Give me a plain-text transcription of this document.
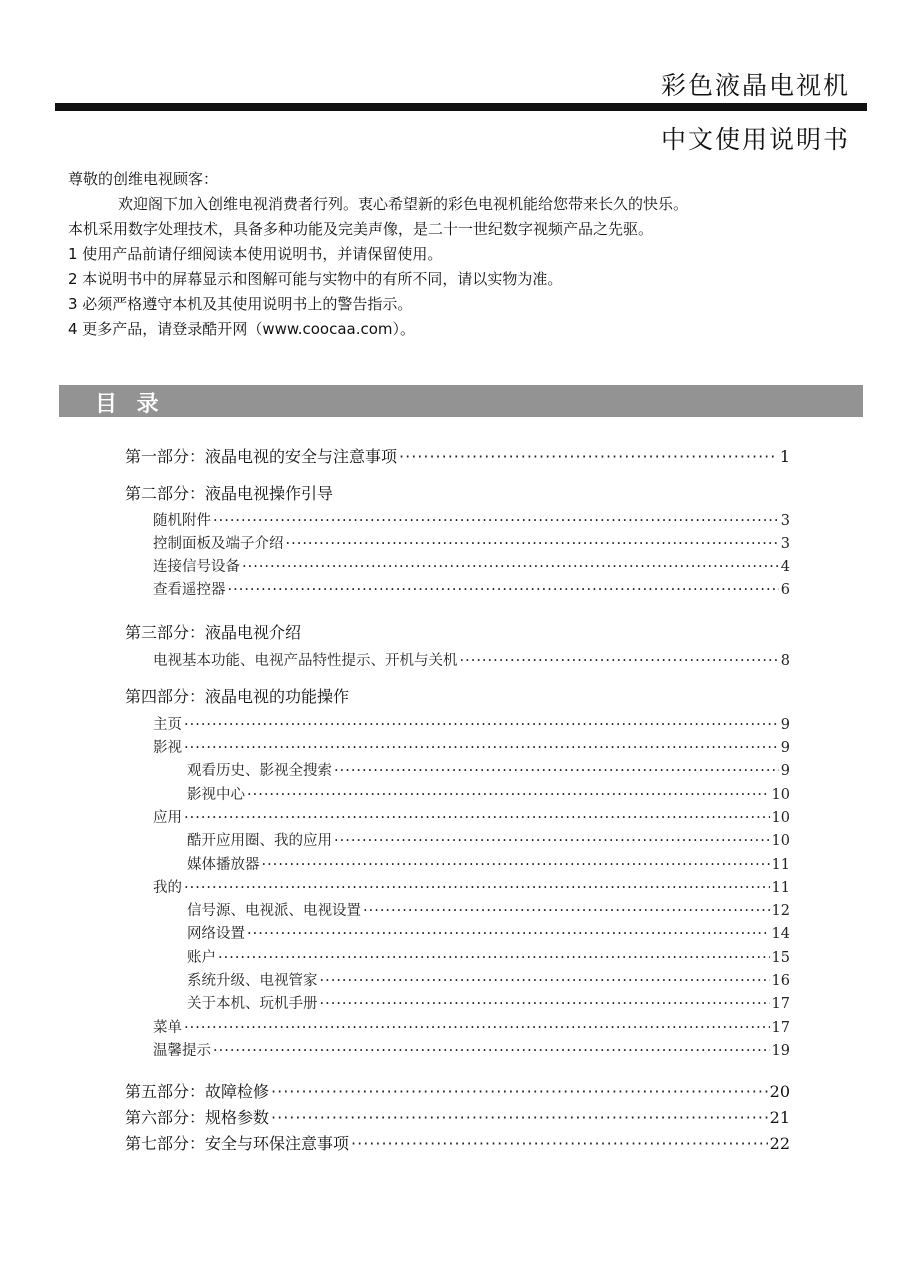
彩色液晶电视机
中文使用说明书
尊敬的创维电视顾客：
欢迎阁下加入创维电视消费者行列。衷心希望新的彩色电视机能给您带来长久的快乐。
本机采用数字处理技术，具备多种功能及完美声像，是二十一世纪数字视频产品之先驱。
1 使用产品前请仔细阅读本使用说明书，并请保留使用。
2 本说明书中的屏幕显示和图解可能与实物中的有所不同，请以实物为准。
3 必须严格遵守本机及其使用说明书上的警告指示。
4 更多产品，请登录酷开网（www.coocaa.com）。
目 录
第一部分：液晶电视的安全与注意事项 ·····	1
第二部分：液晶电视操作引导
随机附件 ·····	3
控制面板及端子介绍 ·····	3
连接信号设备 ·····	4
查看遥控器 ·····	6
第三部分：液晶电视介绍
电视基本功能、电视产品特性提示、开机与关机 ·····	8
第四部分：液晶电视的功能操作
主页 ·····	9
影视 ·····	9
观看历史、影视全搜索 ·····	9
影视中心 ·····	10
应用 ·····	10
酷开应用圈、我的应用 ·····	10
媒体播放器 ·····	11
我的 ·····	11
信号源、电视派、电视设置 ·····	12
网络设置 ·····	14
账户 ·····	15
系统升级、电视管家 ·····	16
关于本机、玩机手册 ·····	17
菜单 ·····	17
温馨提示 ·····	19
第五部分：故障检修 ·····	20
第六部分：规格参数 ·····	21
第七部分：安全与环保注意事项 ·····	22
